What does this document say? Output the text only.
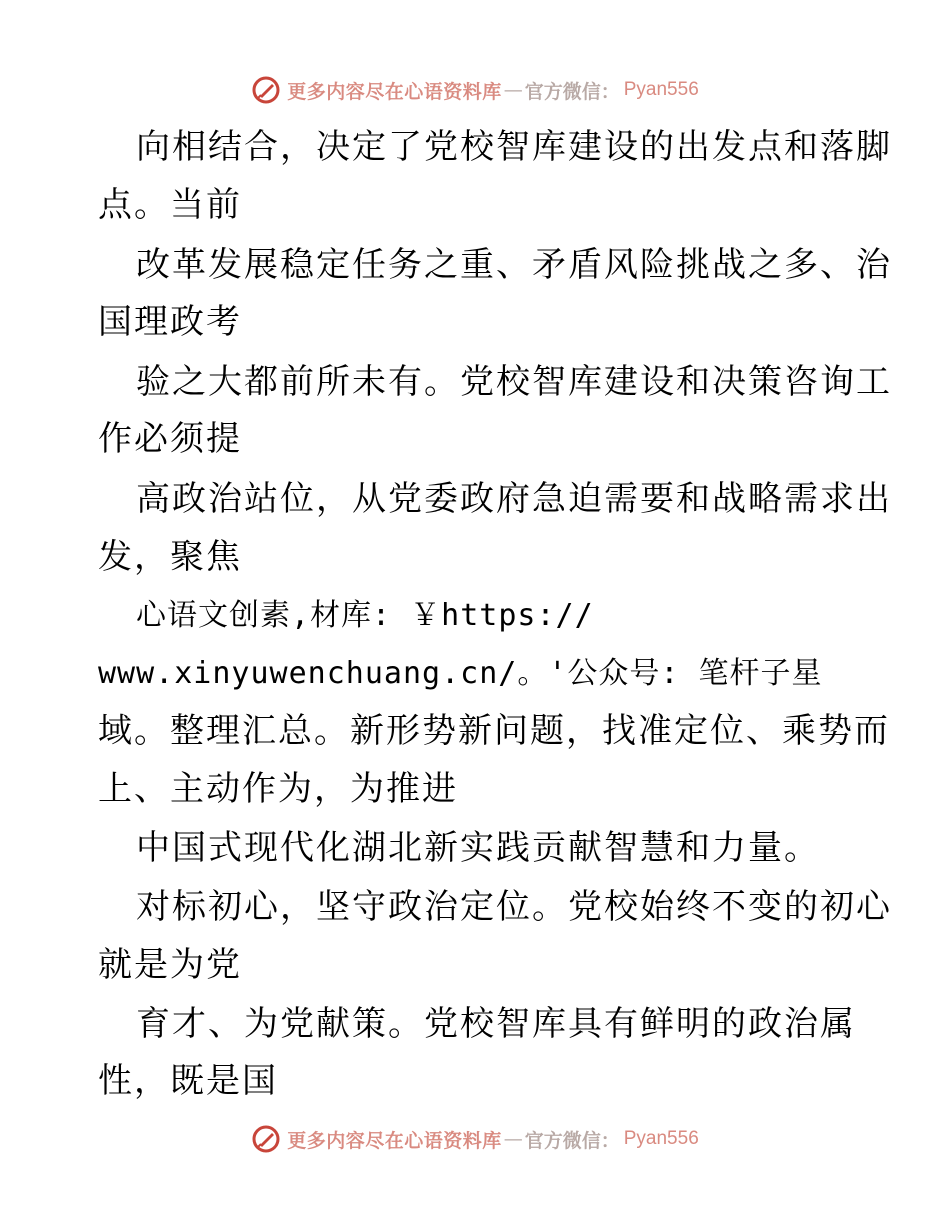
更多内容尽在心语资料库 — 官方微信： Pyan556
向相结合，决定了党校智库建设的出发点和落脚
点。当前
改革发展稳定任务之重、矛盾风险挑战之多、治
国理政考
验之大都前所未有。党校智库建设和决策咨询工
作必须提
高政治站位，从党委政府急迫需要和战略需求出
发，聚焦
心语文创素,材库: ￥https://
www.xinyuwenchuang.cn/。'公众号: 笔杆子星
域。整理汇总。新形势新问题，找准定位、乘势而
上、主动作为，为推进
中国式现代化湖北新实践贡献智慧和力量。
对标初心，坚守政治定位。党校始终不变的初心
就是为党
育才、为党献策。党校智库具有鲜明的政治属
性，既是国
更多内容尽在心语资料库 — 官方微信： Pyan556
